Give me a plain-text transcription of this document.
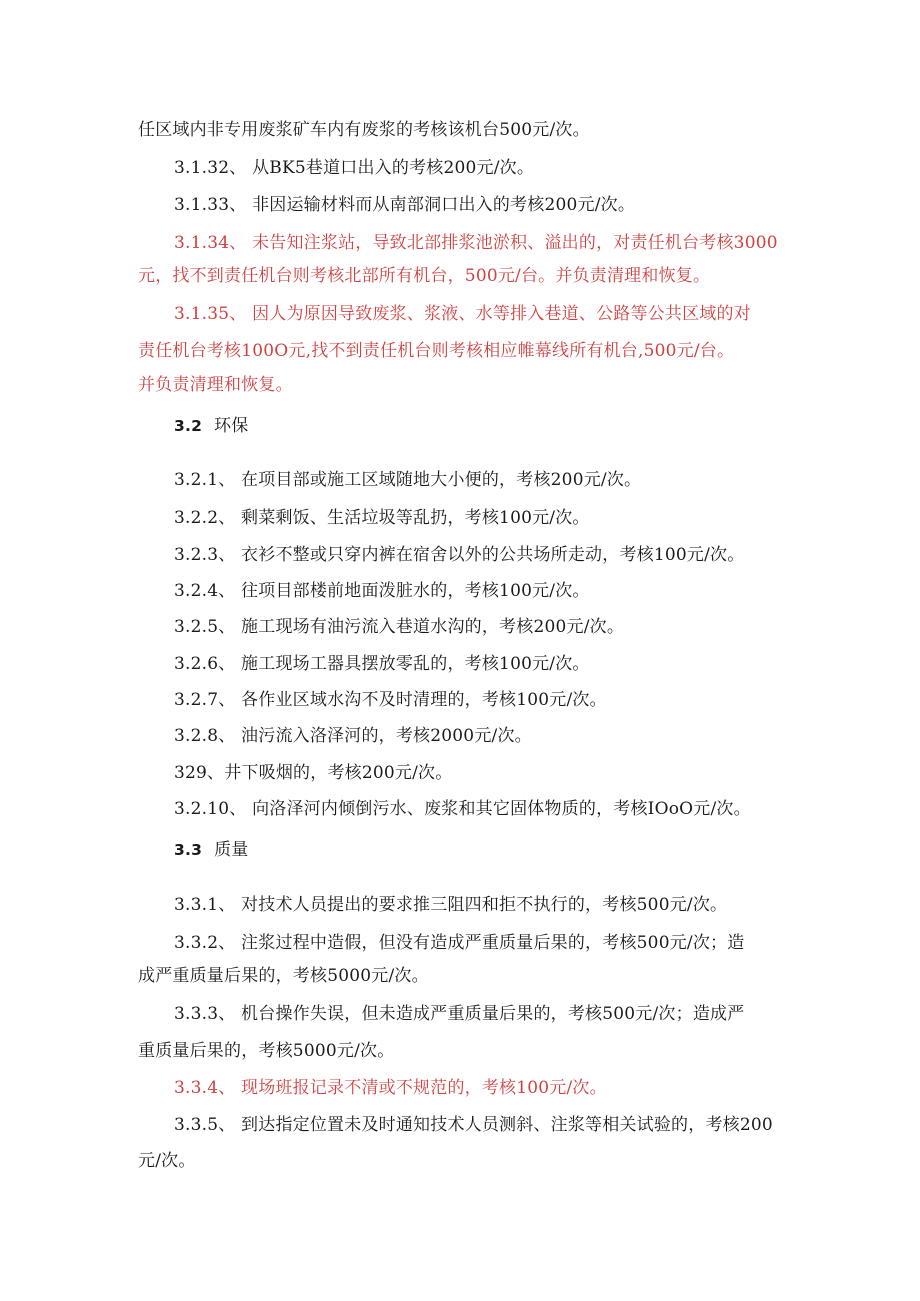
任区域内非专用废浆矿车内有废浆的考核该机台500元/次。
3.1.32、 从BK5巷道口出入的考核200元/次。
3.1.33、 非因运输材料而从南部洞口出入的考核200元/次。
3.1.34、 未告知注浆站，导致北部排浆池淤积、溢出的，对责任机台考核3000
元，找不到责任机台则考核北部所有机台，500元/台。并负责清理和恢复。
3.1.35、 因人为原因导致废浆、浆液、水等排入巷道、公路等公共区域的对
责任机台考核100O元,找不到责任机台则考核相应帷幕线所有机台,500元/台。
并负责清理和恢复。
3.2 环保
3.2.1、 在项目部或施工区域随地大小便的，考核200元/次。
3.2.2、 剩菜剩饭、生活垃圾等乱扔，考核100元/次。
3.2.3、 衣衫不整或只穿内裤在宿舍以外的公共场所走动，考核100元/次。
3.2.4、 往项目部楼前地面泼脏水的，考核100元/次。
3.2.5、 施工现场有油污流入巷道水沟的，考核200元/次。
3.2.6、 施工现场工器具摆放零乱的，考核100元/次。
3.2.7、 各作业区域水沟不及时清理的，考核100元/次。
3.2.8、 油污流入洛泽河的，考核2000元/次。
329、井下吸烟的，考核200元/次。
3.2.10、 向洛泽河内倾倒污水、废浆和其它固体物质的，考核IOoO元/次。
3.3 质量
3.3.1、 对技术人员提出的要求推三阻四和拒不执行的，考核500元/次。
3.3.2、 注浆过程中造假，但没有造成严重质量后果的，考核500元/次；造
成严重质量后果的，考核5000元/次。
3.3.3、 机台操作失误，但未造成严重质量后果的，考核500元/次；造成严
重质量后果的，考核5000元/次。
3.3.4、 现场班报记录不清或不规范的，考核100元/次。
3.3.5、 到达指定位置未及时通知技术人员测斜、注浆等相关试验的，考核200
元/次。
